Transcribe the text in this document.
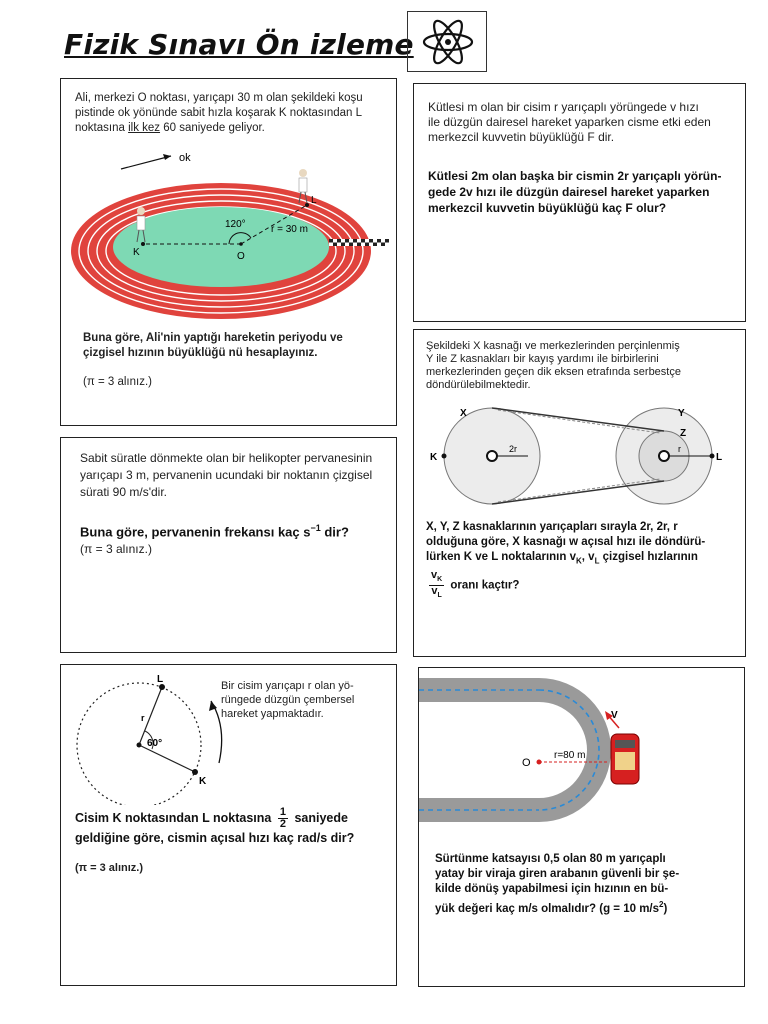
Fizik Sınavı Ön izleme
Ali, merkezi O noktası, yarıçapı 30 m olan şekildeki koşu
pistinde ok yönünde sabit hızla koşarak K noktasından L
noktasına ilk kez 60 saniyede geliyor.
ok
120°	r = 30 m
O
K
L
Buna göre, Ali'nin yaptığı hareketin periyodu ve
çizgisel hızının büyüklüğü nü hesaplayınız.
(π = 3 alınız.)
Kütlesi m olan bir cisim r yarıçaplı yörüngede v hızı
ile düzgün dairesel hareket yaparken cisme etki eden
merkezcil kuvvetin büyüklüğü F dir.
Kütlesi 2m olan başka bir cismin 2r yarıçaplı yörün-
gede 2v hızı ile düzgün dairesel hareket yaparken
merkezcil kuvvetin büyüklüğü kaç F olur?
Sabit süratle dönmekte olan bir helikopter pervanesinin
yarıçapı 3 m, pervanenin ucundaki bir noktanın çizgisel
sürati 90 m/s'dir.
Buna göre, pervanenin frekansı kaç $s^{-1}$ dir?
(π = 3 alınız.)
Şekildeki X kasnağı ve merkezlerinden perçinlenmiş
Y ile Z kasnakları bir kayış yardımı ile birbirlerini
merkezlerinden geçen dik eksen etrafında serbestçe
döndürülebilmektedir.
K	L
X	Y
Z
2r	r
X, Y, Z kasnaklarının yarıçapları sırayla 2r, 2r, r
olduğuna göre, X kasnağı w açısal hızı ile döndürü-
lürken K ve L noktalarının $v_K$, $v_L$ çizgisel hızlarının
$\frac{v_K}{v_L}$ oranı kaçtır?
60°
L
K
r
Bir cisim yarıçapı r olan yö-
rüngede düzgün çembersel
hareket yapmaktadır.
Cisim K noktasından L noktasına $\frac{1}{2}$ saniyede
geldiğine göre, cismin açısal hızı kaç rad/s dir?
(π = 3 alınız.)
O
r=80 m
V
Sürtünme katsayısı 0,5 olan 80 m yarıçaplı
yatay bir viraja giren arabanın güvenli bir şe-
kilde dönüş yapabilmesi için hızının en bü-
yük değeri kaç m/s olmalıdır? (g = 10 $m/s^2$)
